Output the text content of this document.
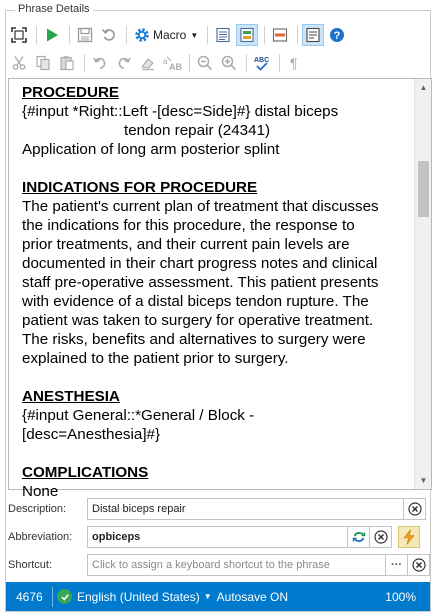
Phrase Details
Macro ▼	?
a
AB
ABC ¶
PROCEDURE
{#input *Right::Left -[desc=Side]#} distal biceps
tendon repair (24341)
Application of long arm posterior splint
INDICATIONS FOR PROCEDURE
The patient's current plan of treatment that discusses
the indications for this procedure, the response to
prior treatments, and their current pain levels are
documented in their chart progress notes and clinical
staff pre-operative assessment. This patient presents
with evidence of a distal biceps tendon rupture. The
patient was taken to surgery for operative treatment.
The risks, benefits and alternatives to surgery were
explained to the patient prior to surgery.
ANESTHESIA
{#input General::*General / Block -
[desc=Anesthesia]#}
COMPLICATIONS
None
▲
▼
Description:	Distal biceps repair
Abbreviation:	opbiceps
Shortcut:	Click to assign a keyboard shortcut to the phrase	···
4676	English (United States) ▼ Autosave ON	100%
